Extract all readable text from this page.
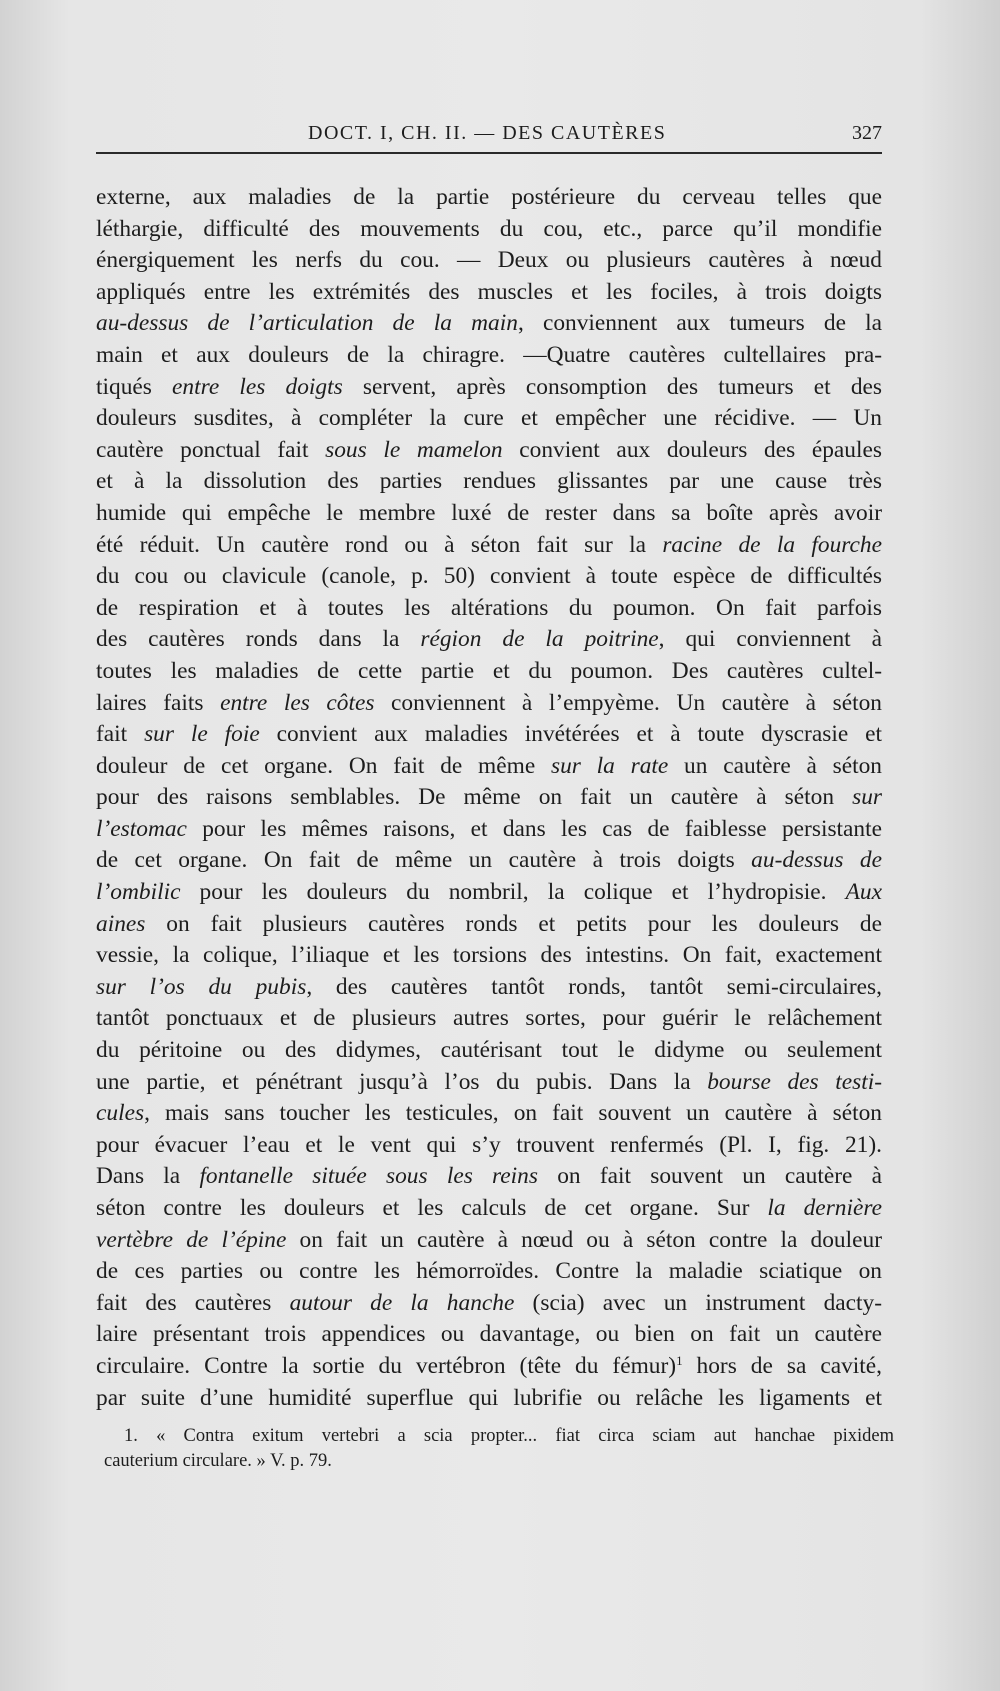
DOCT. I, CH. II. — DES CAUTÈRES	327
externe, aux maladies de la partie postérieure du cerveau telles que
léthargie, difficulté des mouvements du cou, etc., parce qu’il mondifie
énergiquement les nerfs du cou. — Deux ou plusieurs cautères à nœud
appliqués entre les extrémités des muscles et les fociles, à trois doigts
au-dessus de l’articulation de la main, conviennent aux tumeurs de la
main et aux douleurs de la chiragre. —Quatre cautères cultellaires pra-
tiqués entre les doigts servent, après consomption des tumeurs et des
douleurs susdites, à compléter la cure et empêcher une récidive. — Un
cautère ponctual fait sous le mamelon convient aux douleurs des épaules
et à la dissolution des parties rendues glissantes par une cause très
humide qui empêche le membre luxé de rester dans sa boîte après avoir
été réduit. Un cautère rond ou à séton fait sur la racine de la fourche
du cou ou clavicule (canole, p. 50) convient à toute espèce de difficultés
de respiration et à toutes les altérations du poumon. On fait parfois
des cautères ronds dans la région de la poitrine, qui conviennent à
toutes les maladies de cette partie et du poumon. Des cautères cultel-
laires faits entre les côtes conviennent à l’empyème. Un cautère à séton
fait sur le foie convient aux maladies invétérées et à toute dyscrasie et
douleur de cet organe. On fait de même sur la rate un cautère à séton
pour des raisons semblables. De même on fait un cautère à séton sur
l’estomac pour les mêmes raisons, et dans les cas de faiblesse persistante
de cet organe. On fait de même un cautère à trois doigts au-dessus de
l’ombilic pour les douleurs du nombril, la colique et l’hydropisie. Aux
aines on fait plusieurs cautères ronds et petits pour les douleurs de
vessie, la colique, l’iliaque et les torsions des intestins. On fait, exactement
sur l’os du pubis, des cautères tantôt ronds, tantôt semi-circulaires,
tantôt ponctuaux et de plusieurs autres sortes, pour guérir le relâchement
du péritoine ou des didymes, cautérisant tout le didyme ou seulement
une partie, et pénétrant jusqu’à l’os du pubis. Dans la bourse des testi-
cules, mais sans toucher les testicules, on fait souvent un cautère à séton
pour évacuer l’eau et le vent qui s’y trouvent renfermés (Pl. I, fig. 21).
Dans la fontanelle située sous les reins on fait souvent un cautère à
séton contre les douleurs et les calculs de cet organe. Sur la dernière
vertèbre de l’épine on fait un cautère à nœud ou à séton contre la douleur
de ces parties ou contre les hémorroïdes. Contre la maladie sciatique on
fait des cautères autour de la hanche (scia) avec un instrument dacty-
laire présentant trois appendices ou davantage, ou bien on fait un cautère
circulaire. Contre la sortie du vertébron (tête du fémur)$^1$ hors de sa cavité,
par suite d’une humidité superflue qui lubrifie ou relâche les ligaments et
1. « Contra exitum vertebri a scia propter... fiat circa sciam aut hanchae pixidem
cauterium circulare. » V. p. 79.
